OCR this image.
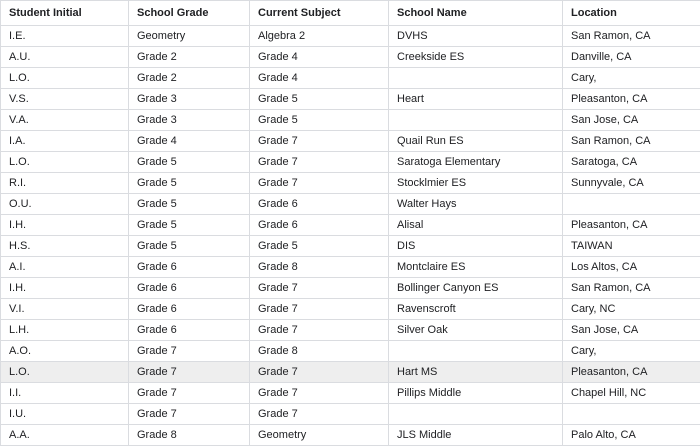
Student Initial	School Grade	Current Subject	School Name	Location
I.E.	Geometry	Algebra 2	DVHS	San Ramon, CA
A.U.	Grade 2	Grade 4	Creekside ES	Danville, CA
L.O.	Grade 2	Grade 4		Cary,
V.S.	Grade 3	Grade 5	Heart	Pleasanton, CA
V.A.	Grade 3	Grade 5		San Jose, CA
I.A.	Grade 4	Grade 7	Quail Run ES	San Ramon, CA
L.O.	Grade 5	Grade 7	Saratoga Elementary	Saratoga, CA
R.I.	Grade 5	Grade 7	Stocklmier ES	Sunnyvale, CA
O.U.	Grade 5	Grade 6	Walter Hays	
I.H.	Grade 5	Grade 6	Alisal	Pleasanton, CA
H.S.	Grade 5	Grade 5	DIS	TAIWAN
A.I.	Grade 6	Grade 8	Montclaire ES	Los Altos, CA
I.H.	Grade 6	Grade 7	Bollinger Canyon ES	San Ramon, CA
V.I.	Grade 6	Grade 7	Ravenscroft	Cary, NC
L.H.	Grade 6	Grade 7	Silver Oak	San Jose, CA
A.O.	Grade 7	Grade 8		Cary,
L.O.	Grade 7	Grade 7	Hart MS	Pleasanton, CA
I.I.	Grade 7	Grade 7	Pillips Middle	Chapel Hill, NC
I.U.	Grade 7	Grade 7		
A.A.	Grade 8	Geometry	JLS Middle	Palo Alto, CA
